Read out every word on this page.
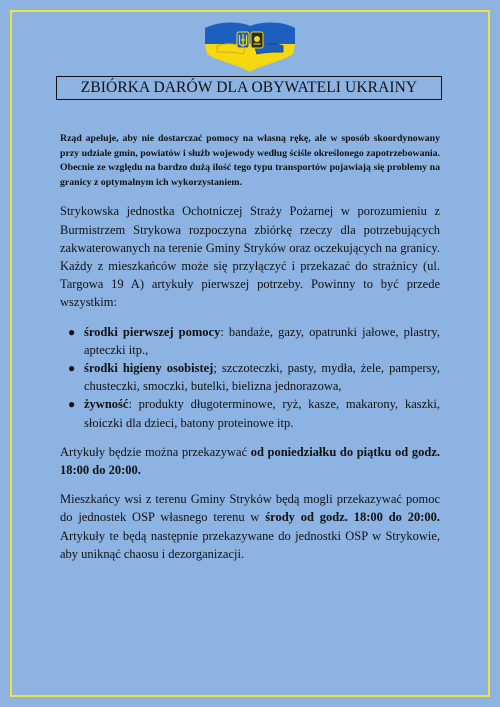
ZBIÓRKA DARÓW DLA OBYWATELI UKRAINY

Rząd apeluje, aby nie dostarczać pomocy na własną rękę, ale w sposób skoordynowany przy udziale gmin, powiatów i służb wojewody według ściśle określonego zapotrzebowania. Obecnie ze względu na bardzo dużą ilość tego typu transportów pojawiają się problemy na granicy z optymalnym ich wykorzystaniem.

Strykowska jednostka Ochotniczej Straży Pożarnej w porozumieniu z Burmistrzem Strykowa rozpoczyna zbiórkę rzeczy dla potrzebujących zakwaterowanych na terenie Gminy Stryków oraz oczekujących na granicy. Każdy z mieszkańców może się przyłączyć i przekazać do strażnicy (ul. Targowa 19 A) artykuły pierwszej potrzeby. Powinny to być przede wszystkim:

● środki pierwszej pomocy: bandaże, gazy, opatrunki jałowe, plastry, apteczki itp.,
● środki higieny osobistej; szczoteczki, pasty, mydła, żele, pampersy, chusteczki, smoczki, butelki, bielizna jednorazowa,
● żywność: produkty długoterminowe, ryż, kasze, makarony, kaszki, słoiczki dla dzieci, batony proteinowe itp.

Artykuły będzie można przekazywać od poniedziałku do piątku od godz. 18:00 do 20:00.

Mieszkańcy wsi z terenu Gminy Stryków będą mogli przekazywać pomoc do jednostek OSP własnego terenu w środy od godz. 18:00 do 20:00. Artykuły te będą następnie przekazywane do jednostki OSP w Strykowie, aby uniknąć chaosu i dezorganizacji.
